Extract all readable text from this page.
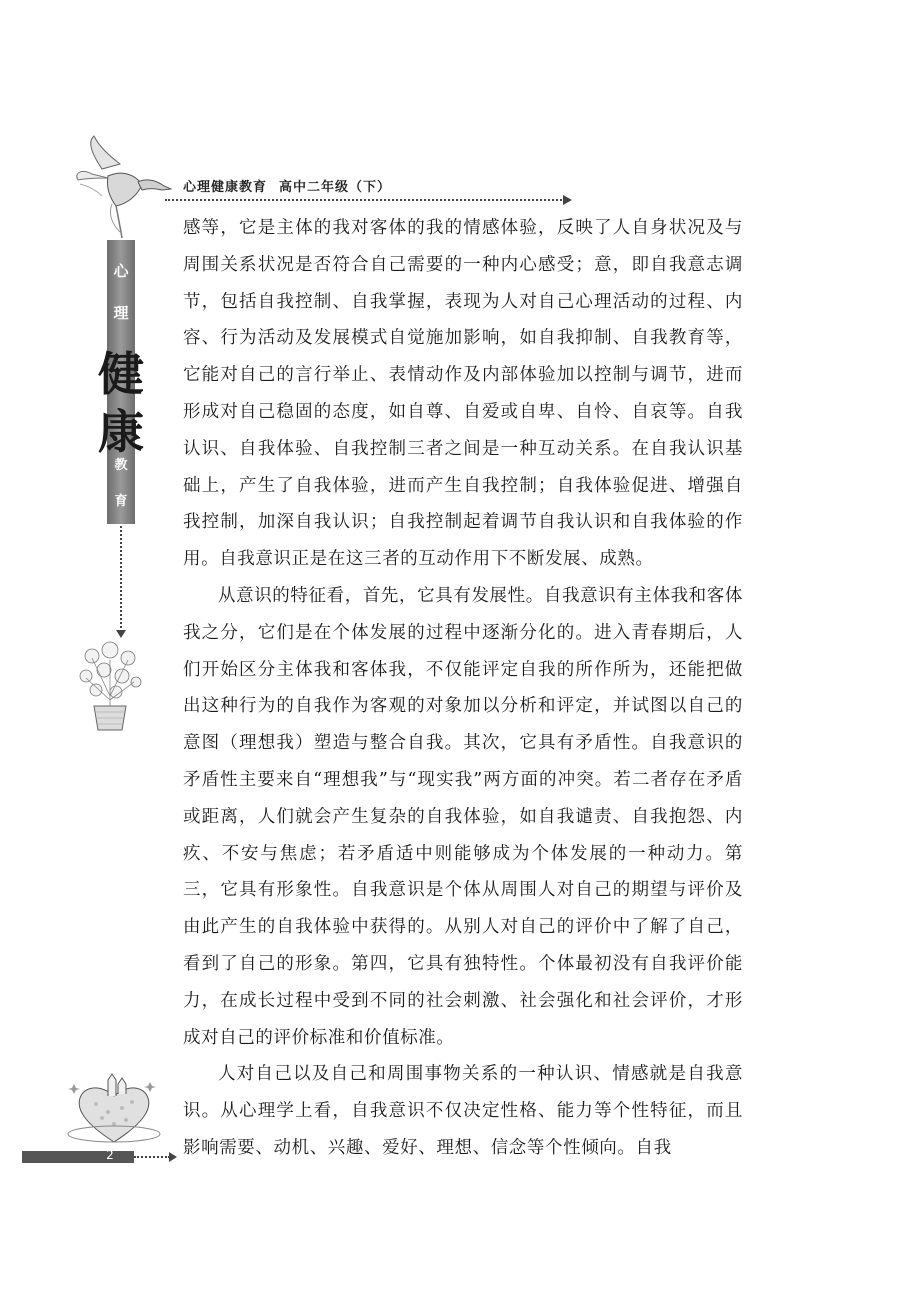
心理健康教育 高中二年级（下）
心
理
教
育
健
康

感等，它是主体的我对客体的我的情感体验，反映了人自身状况及与周围关系状况是否符合自己需要的一种内心感受；意，即自我意志调节，包括自我控制、自我掌握，表现为人对自己心理活动的过程、内容、行为活动及发展模式自觉施加影响，如自我抑制、自我教育等，它能对自己的言行举止、表情动作及内部体验加以控制与调节，进而形成对自己稳固的态度，如自尊、自爱或自卑、自怜、自哀等。自我认识、自我体验、自我控制三者之间是一种互动关系。在自我认识基础上，产生了自我体验，进而产生自我控制；自我体验促进、增强自我控制，加深自我认识；自我控制起着调节自我认识和自我体验的作用。自我意识正是在这三者的互动作用下不断发展、成熟。

从意识的特征看，首先，它具有发展性。自我意识有主体我和客体我之分，它们是在个体发展的过程中逐渐分化的。进入青春期后，人们开始区分主体我和客体我，不仅能评定自我的所作所为，还能把做出这种行为的自我作为客观的对象加以分析和评定，并试图以自己的意图（理想我）塑造与整合自我。其次，它具有矛盾性。自我意识的矛盾性主要来自“理想我”与“现实我”两方面的冲突。若二者存在矛盾或距离，人们就会产生复杂的自我体验，如自我谴责、自我抱怨、内疚、不安与焦虑；若矛盾适中则能够成为个体发展的一种动力。第三，它具有形象性。自我意识是个体从周围人对自己的期望与评价及由此产生的自我体验中获得的。从别人对自己的评价中了解了自己，看到了自己的形象。第四，它具有独特性。个体最初没有自我评价能力，在成长过程中受到不同的社会刺激、社会强化和社会评价，才形成对自己的评价标准和价值标准。

人对自己以及自己和周围事物关系的一种认识、情感就是自我意识。从心理学上看，自我意识不仅决定性格、能力等个性特征，而且影响需要、动机、兴趣、爱好、理想、信念等个性倾向。自我

2
